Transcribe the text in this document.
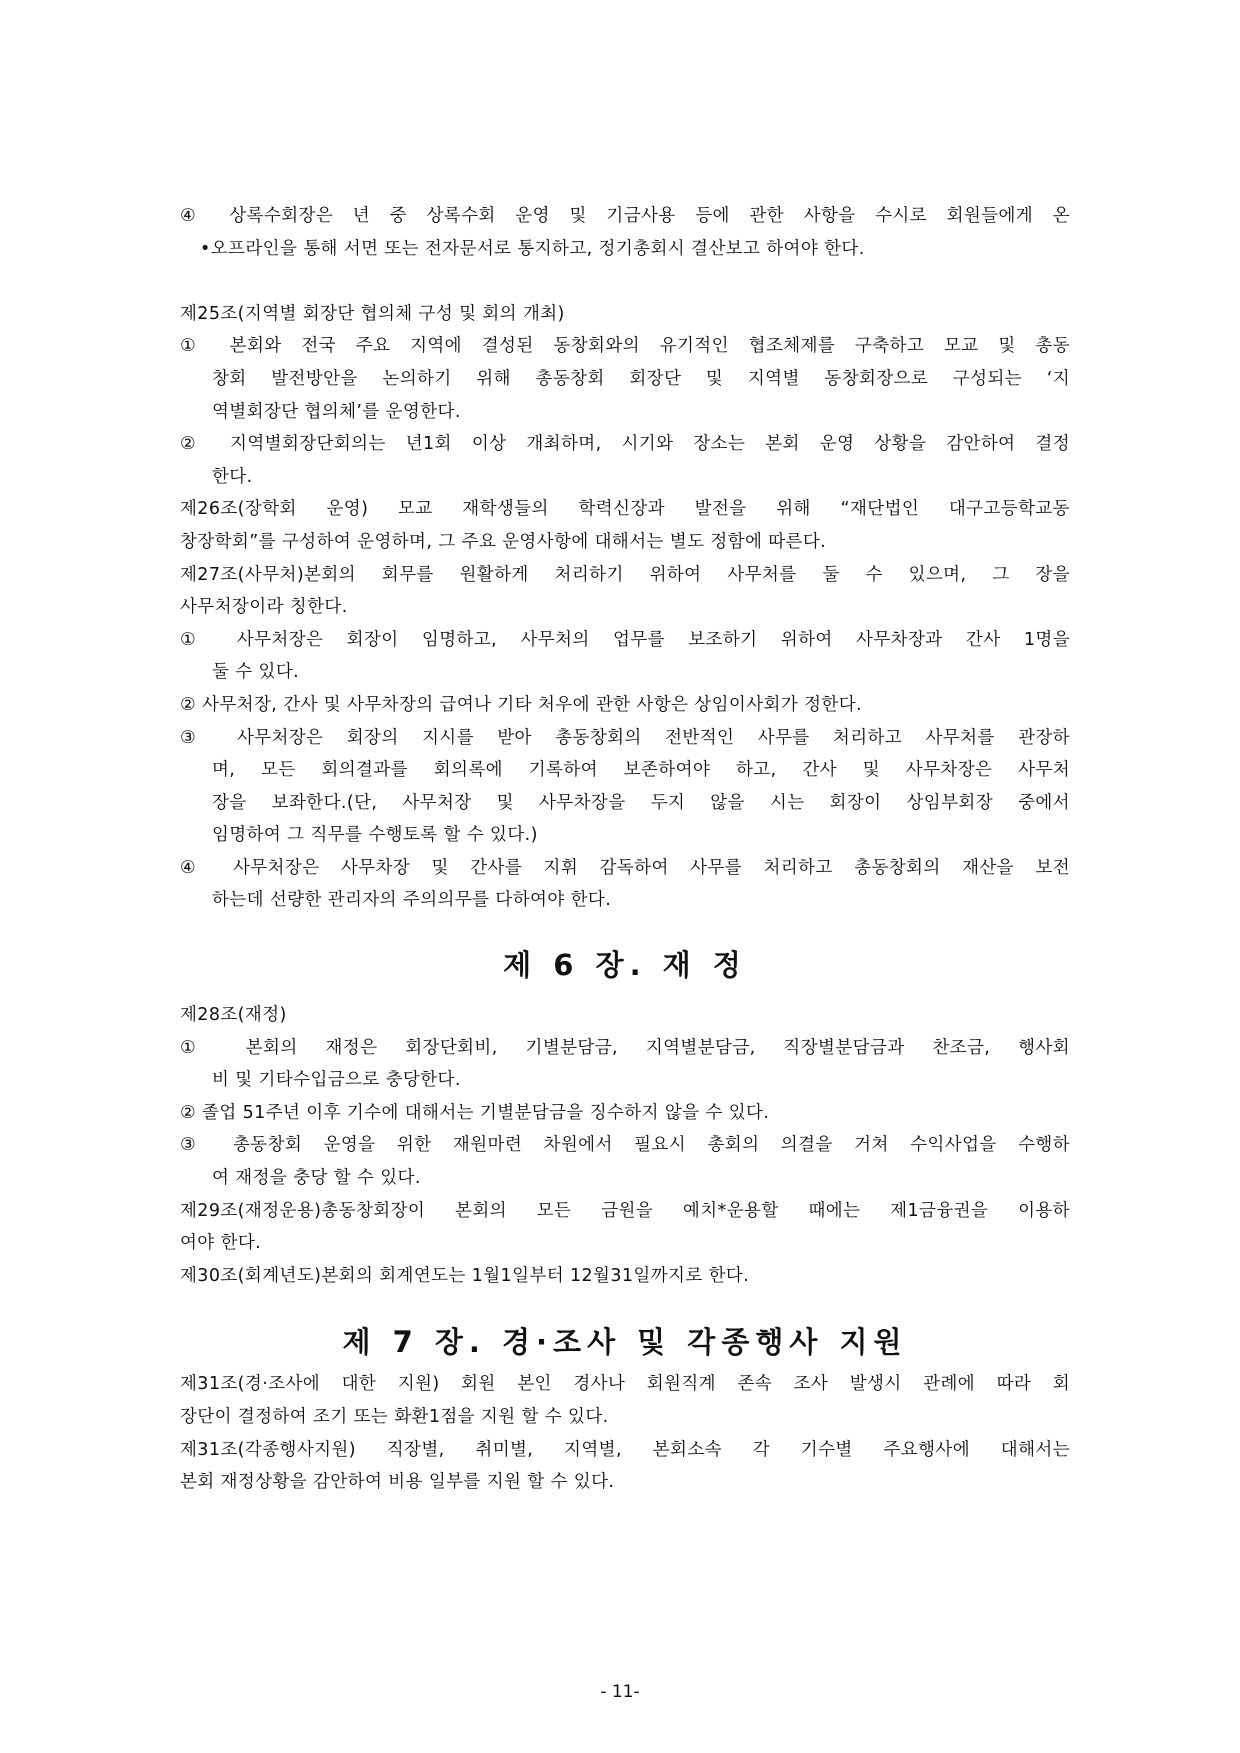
④ 상록수회장은 년 중 상록수회 운영 및 기금사용 등에 관한 사항을 수시로 회원들에게 온
•오프라인을 통해 서면 또는 전자문서로 통지하고, 정기총회시 결산보고 하여야 한다.
제25조(지역별 회장단 협의체 구성 및 회의 개최)
① 본회와 전국 주요 지역에 결성된 동창회와의 유기적인 협조체제를 구축하고 모교 및 총동
창회 발전방안을 논의하기 위해 총동창회 회장단 및 지역별 동창회장으로 구성되는 ‘지
역별회장단 협의체’를 운영한다.
② 지역별회장단회의는 년1회 이상 개최하며, 시기와 장소는 본회 운영 상황을 감안하여 결정
한다.
제26조(장학회 운영) 모교 재학생들의 학력신장과 발전을 위해 “재단법인 대구고등학교동
창장학회”를 구성하여 운영하며, 그 주요 운영사항에 대해서는 별도 정함에 따른다.
제27조(사무처)본회의 회무를 원활하게 처리하기 위하여 사무처를 둘 수 있으며, 그 장을
사무처장이라 칭한다.
① 사무처장은 회장이 임명하고, 사무처의 업무를 보조하기 위하여 사무차장과 간사 1명을
둘 수 있다.
② 사무처장, 간사 및 사무차장의 급여나 기타 처우에 관한 사항은 상임이사회가 정한다.
③ 사무처장은 회장의 지시를 받아 총동창회의 전반적인 사무를 처리하고 사무처를 관장하
며, 모든 회의결과를 회의록에 기록하여 보존하여야 하고, 간사 및 사무차장은 사무처
장을 보좌한다.(단, 사무처장 및 사무차장을 두지 않을 시는 회장이 상임부회장 중에서
임명하여 그 직무를 수행토록 할 수 있다.)
④ 사무처장은 사무차장 및 간사를 지휘 감독하여 사무를 처리하고 총동창회의 재산을 보전
하는데 선량한 관리자의 주의의무를 다하여야 한다.
제 6 장. 재 정
제28조(재정)
① 본회의 재정은 회장단회비, 기별분담금, 지역별분담금, 직장별분담금과 찬조금, 행사회
비 및 기타수입금으로 충당한다.
② 졸업 51주년 이후 기수에 대해서는 기별분담금을 징수하지 않을 수 있다.
③ 총동창회 운영을 위한 재원마련 차원에서 필요시 총회의 의결을 거쳐 수익사업을 수행하
여 재정을 충당 할 수 있다.
제29조(재정운용)총동창회장이 본회의 모든 금원을 예치*운용할 때에는 제1금융권을 이용하
여야 한다.
제30조(회계년도)본회의 회계연도는 1월1일부터 12월31일까지로 한다.
제 7 장. 경·조사 및 각종행사 지원
제31조(경·조사에 대한 지원) 회원 본인 경사나 회원직계 존속 조사 발생시 관례에 따라 회
장단이 결정하여 조기 또는 화환1점을 지원 할 수 있다.
제31조(각종행사지원) 직장별, 취미별, 지역별, 본회소속 각 기수별 주요행사에 대해서는
본회 재정상황을 감안하여 비용 일부를 지원 할 수 있다.
- 11-
